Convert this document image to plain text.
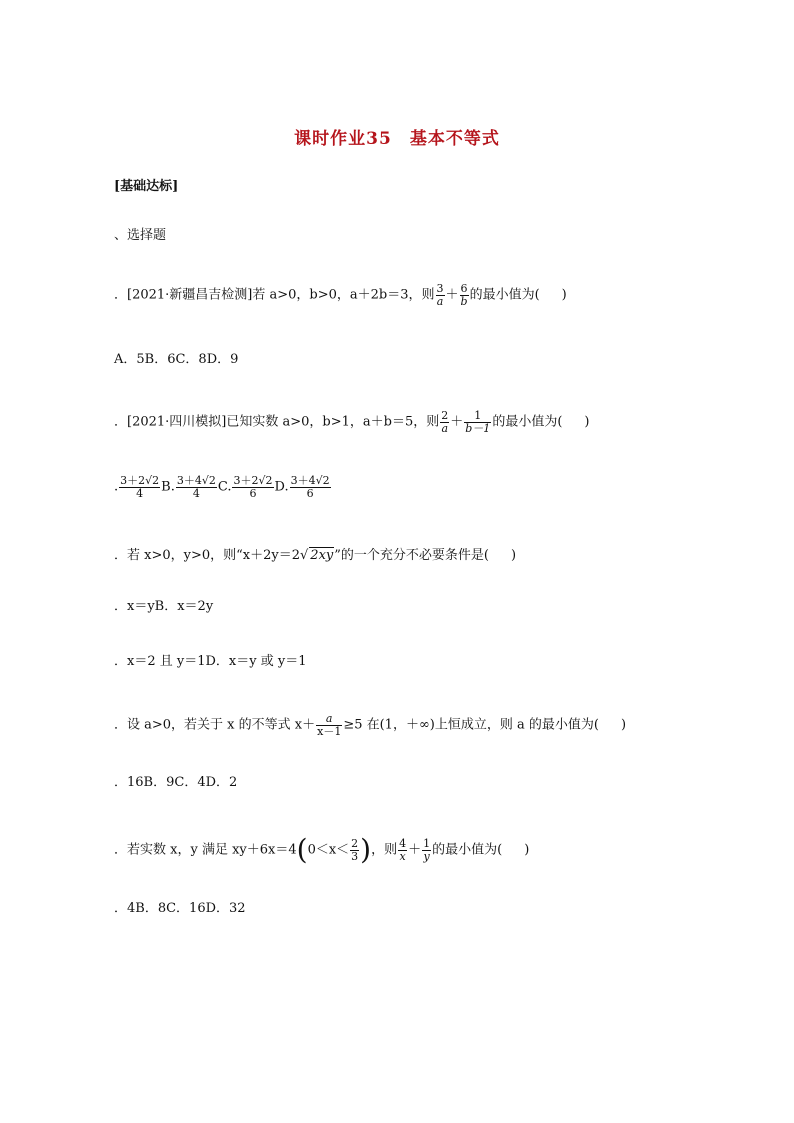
课时作业35　基本不等式
[基础达标]
、选择题
．[2021·新疆昌吉检测]若 a>0，b>0，a＋2b＝3，则 $\frac{3}{a} + \frac{6}{b}$ 的最小值为( )
A．5B．6C．8D．9
．[2021·四川模拟]已知实数 a>0，b>1，a＋b＝5，则 $\frac{2}{a} + \frac{1}{b-1}$ 的最小值为( )
. $\frac{3+2√2}{4} B$. $\frac{3+4√2}{4} C$. $\frac{3+2√2}{6} D$. $\frac{3+4√2}{6}$
．若 x>0，y>0，则“x＋2y＝2√ 2xy”的一个充分不必要条件是( )
．x＝yB．x＝2y
．x＝2 且 y＝1D．x＝y 或 y＝1
．设 a>0，若关于 x 的不等式 $x+ \frac{a}{x-1} \ge 5$ 在(1，＋∞)上恒成立，则 a 的最小值为( )
．16B．9C．4D．2
．若实数 x，y 满足 $xy+6x=4(0<x< \frac{2}{3}$ )，则 $\frac{4}{x} + \frac{1}{y}$ 的最小值为( )
．4B．8C．16D．32
